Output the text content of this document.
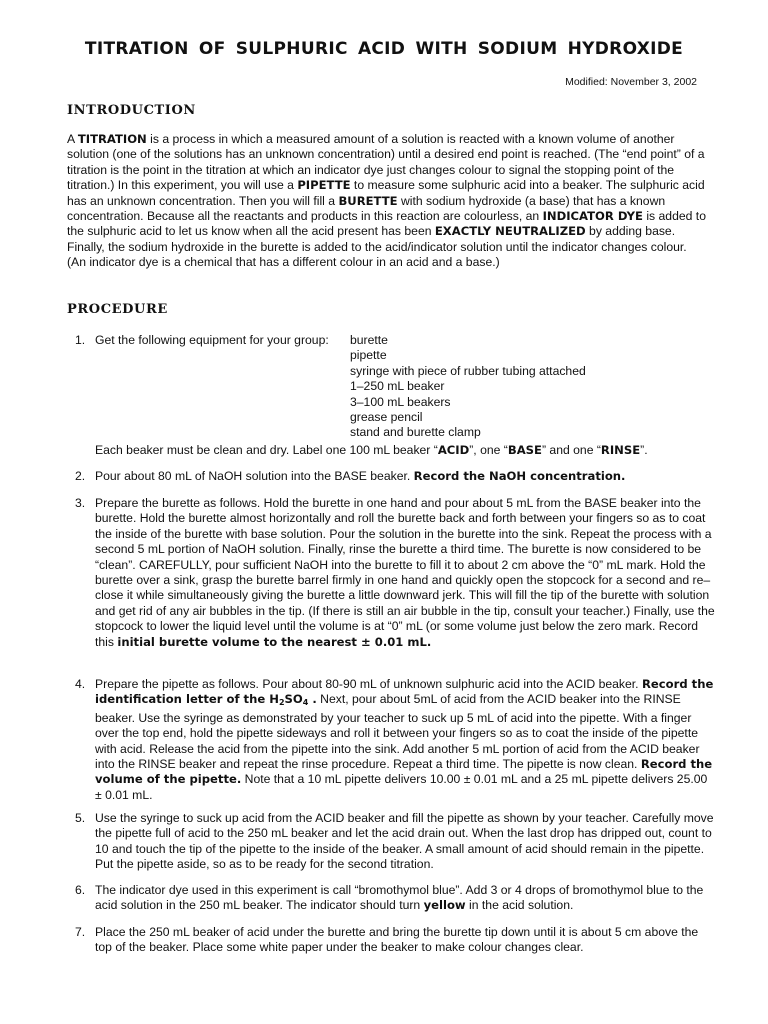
TITRATION OF SULPHURIC ACID WITH SODIUM HYDROXIDE
Modified: November 3, 2002
INTRODUCTION
A TITRATION is a process in which a measured amount of a solution is reacted with a known volume of another solution (one of the solutions has an unknown concentration) until a desired end point is reached. (The “end point” of a titration is the point in the titration at which an indicator dye just changes colour to signal the stopping point of the titration.) In this experiment, you will use a PIPETTE to measure some sulphuric acid into a beaker. The sulphuric acid has an unknown concentration. Then you will fill a BURETTE with sodium hydroxide (a base) that has a known concentration. Because all the reactants and products in this reaction are colourless, an INDICATOR DYE is added to the sulphuric acid to let us know when all the acid present has been EXACTLY NEUTRALIZED by adding base. Finally, the sodium hydroxide in the burette is added to the acid/indicator solution until the indicator changes colour. (An indicator dye is a chemical that has a different colour in an acid and a base.)
PROCEDURE
1. Get the following equipment for your group: burette
pipette
syringe with piece of rubber tubing attached
1–250 mL beaker
3–100 mL beakers
grease pencil
stand and burette clamp
Each beaker must be clean and dry. Label one 100 mL beaker “ACID”, one “BASE” and one “RINSE”.
2. Pour about 80 mL of NaOH solution into the BASE beaker. Record the NaOH concentration.
3. Prepare the burette as follows. Hold the burette in one hand and pour about 5 mL from the BASE beaker into the burette. Hold the burette almost horizontally and roll the burette back and forth between your fingers so as to coat the inside of the burette with base solution. Pour the solution in the burette into the sink. Repeat the process with a second 5 mL portion of NaOH solution. Finally, rinse the burette a third time. The burette is now considered to be “clean”. CAREFULLY, pour sufficient NaOH into the burette to fill it to about 2 cm above the “0” mL mark. Hold the burette over a sink, grasp the burette barrel firmly in one hand and quickly open the stopcock for a second and re–close it while simultaneously giving the burette a little downward jerk. This will fill the tip of the burette with solution and get rid of any air bubbles in the tip. (If there is still an air bubble in the tip, consult your teacher.) Finally, use the stopcock to lower the liquid level until the volume is at “0” mL (or some volume just below the zero mark. Record this initial burette volume to the nearest ± 0.01 mL.
4. Prepare the pipette as follows. Pour about 80-90 mL of unknown sulphuric acid into the ACID beaker. Record the identification letter of the $H_2SO_4$ . Next, pour about 5mL of acid from the ACID beaker into the RINSE beaker. Use the syringe as demonstrated by your teacher to suck up 5 mL of acid into the pipette. With a finger over the top end, hold the pipette sideways and roll it between your fingers so as to coat the inside of the pipette with acid. Release the acid from the pipette into the sink. Add another 5 mL portion of acid from the ACID beaker into the RINSE beaker and repeat the rinse procedure. Repeat a third time. The pipette is now clean. Record the volume of the pipette. Note that a 10 mL pipette delivers 10.00 ± 0.01 mL and a 25 mL pipette delivers 25.00 ± 0.01 mL.
5. Use the syringe to suck up acid from the ACID beaker and fill the pipette as shown by your teacher. Carefully move the pipette full of acid to the 250 mL beaker and let the acid drain out. When the last drop has dripped out, count to 10 and touch the tip of the pipette to the inside of the beaker. A small amount of acid should remain in the pipette. Put the pipette aside, so as to be ready for the second titration.
6. The indicator dye used in this experiment is call “bromothymol blue”. Add 3 or 4 drops of bromothymol blue to the acid solution in the 250 mL beaker. The indicator should turn yellow in the acid solution.
7. Place the 250 mL beaker of acid under the burette and bring the burette tip down until it is about 5 cm above the top of the beaker. Place some white paper under the beaker to make colour changes clear.
